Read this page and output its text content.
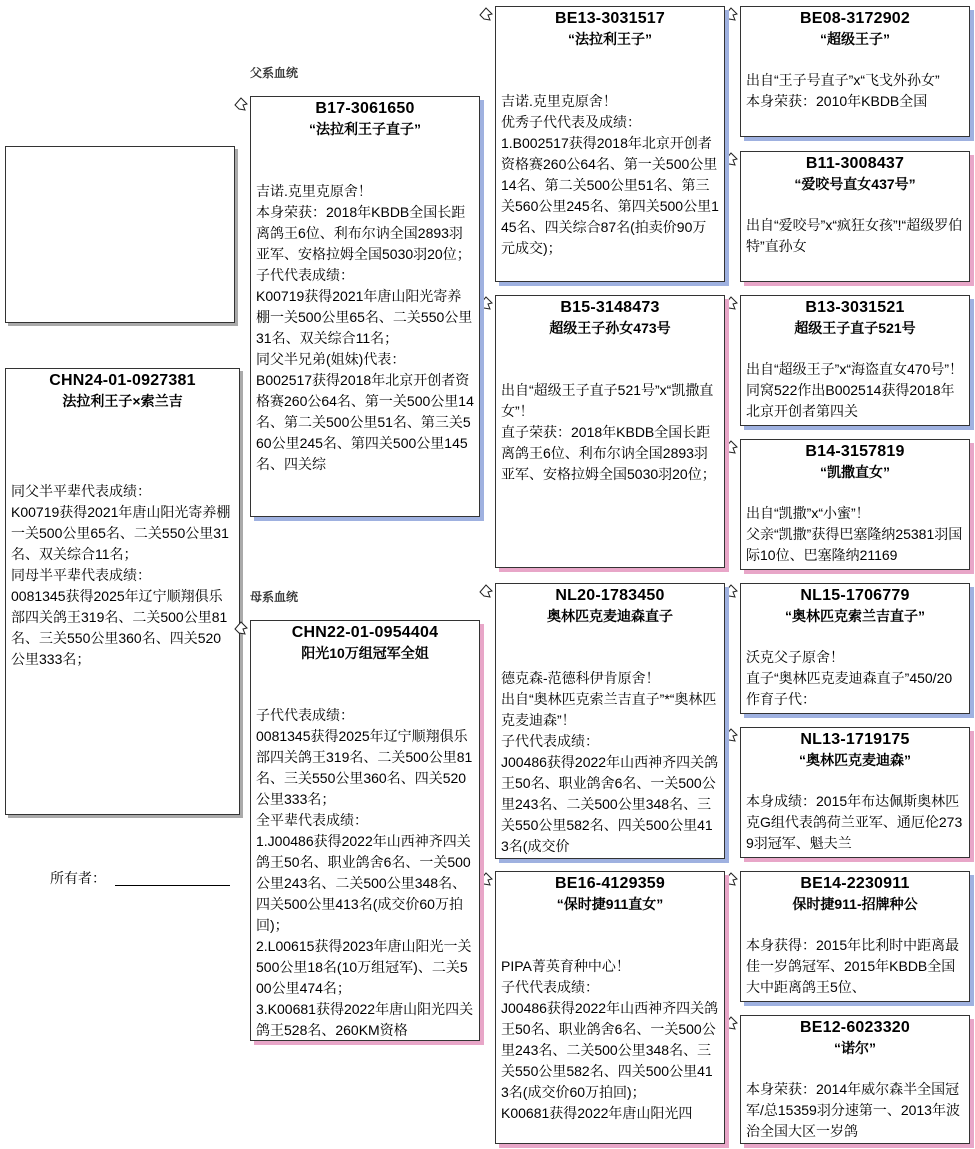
CHN24-01-0927381
法拉利王子×索兰吉
同父半平辈代表成绩：
K00719获得2021年唐山阳光寄养棚一关500公里65名、二关550公里31名、双关综合11名；
同母半平辈代表成绩：
0081345获得2025年辽宁顺翔俱乐部四关鸽王319名、二关500公里81名、三关550公里360名、四关520公里333名；
所有者：
父系血统
母系血统
B17-3061650
“法拉利王子直子”
吉诺.克里克原舍！
本身荣获：2018年KBDB全国长距离鸽王6位、利布尔讷全国2893羽亚军、安格拉姆全国5030羽20位；
子代代表成绩：
K00719获得2021年唐山阳光寄养棚一关500公里65名、二关550公里31名、双关综合11名；
同父半兄弟(姐妹)代表：
B002517获得2018年北京开创者资格赛260公64名、第一关500公里14名、第二关500公里51名、第三关560公里245名、第四关500公里145名、四关综
CHN22-01-0954404
阳光10万组冠军全姐
子代代表成绩：
0081345获得2025年辽宁顺翔俱乐部四关鸽王319名、二关500公里81名、三关550公里360名、四关520公里333名；
全平辈代表成绩：
1.J00486获得2022年山西神齐四关鸽王50名、职业鸽舍6名、一关500公里243名、二关500公里348名、四关500公里413名(成交价60万拍回)；
2.L00615获得2023年唐山阳光一关500公里18名(10万组冠军)、二关500公里474名；
3.K00681获得2022年唐山阳光四关鸽王528名、260KM资格
BE13-3031517
“法拉利王子”
吉诺.克里克原舍！
优秀子代代表及成绩：
1.B002517获得2018年北京开创者资格赛260公64名、第一关500公里14名、第二关500公里51名、第三关560公里245名、第四关500公里145名、四关综合87名(拍卖价90万元成交)；
B15-3148473
超级王子孙女473号
出自“超级王子直子521号”x“凯撒直女”！
直子荣获：2018年KBDB全国长距离鸽王6位、利布尔讷全国2893羽亚军、安格拉姆全国5030羽20位；
NL20-1783450
奥林匹克麦迪森直子
德克森-范德科伊肯原舍！
出自“奥林匹克索兰吉直子”*“奥林匹克麦迪森”！
子代代表成绩：
J00486获得2022年山西神齐四关鸽王50名、职业鸽舍6名、一关500公里243名、二关500公里348名、三关550公里582名、四关500公里413名(成交价
BE16-4129359
“保时捷911直女”
PIPA菁英育种中心！
子代代表成绩：
J00486获得2022年山西神齐四关鸽王50名、职业鸽舍6名、一关500公里243名、二关500公里348名、三关550公里582名、四关500公里413名(成交价60万拍回)；
K00681获得2022年唐山阳光四
BE08-3172902
“超级王子”
出自“王子号直子”x“飞戈外孙女”
本身荣获：2010年KBDB全国
B11-3008437
“爱咬号直女437号”
出自“爱咬号”x“疯狂女孩”!“超级罗伯特”直孙女
B13-3031521
超级王子直子521号
出自“超级王子”x“海盗直女470号”！同窝522作出B002514获得2018年北京开创者第四关
B14-3157819
“凯撒直女”
出自“凯撒”x“小蜜”！
父亲“凯撒”获得巴塞隆纳25381羽国际10位、巴塞隆纳21169
NL15-1706779
“奥林匹克索兰吉直子”
沃克父子原舍！
直子“奥林匹克麦迪森直子”450/20作育子代：
NL13-1719175
“奥林匹克麦迪森”
本身成绩：2015年布达佩斯奥林匹克G组代表鸽荷兰亚军、通厄伦2739羽冠军、魁夫兰
BE14-2230911
保时捷911-招牌种公
本身获得：2015年比利时中距离最佳一岁鸽冠军、2015年KBDB全国大中距离鸽王5位、
BE12-6023320
“诺尔”
本身荣获：2014年威尔森半全国冠军/总15359羽分速第一、2013年波治全国大区一岁鸽
